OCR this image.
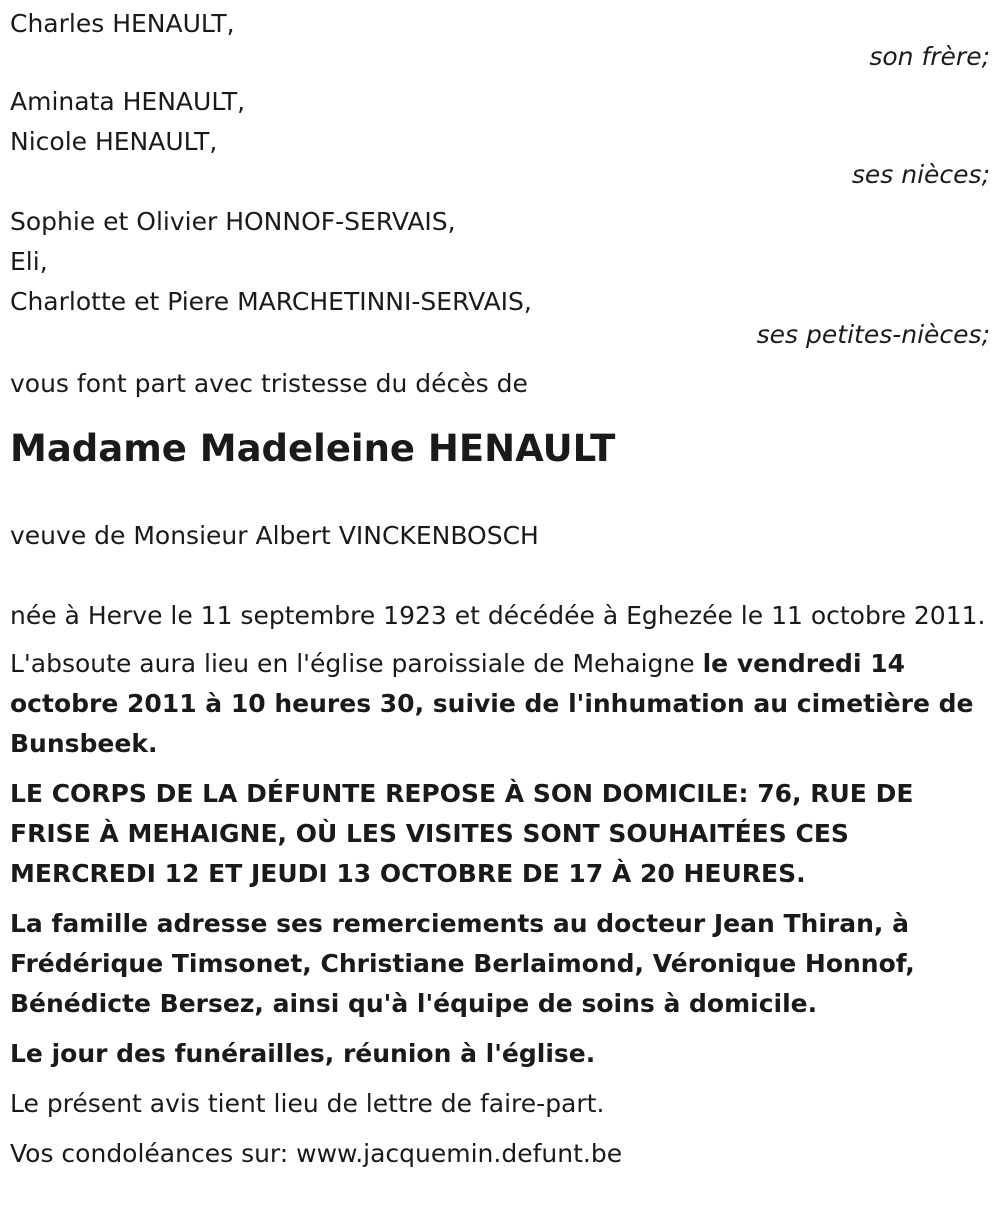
Charles HENAULT,
son frère;
Aminata HENAULT,
Nicole HENAULT,
ses nièces;
Sophie et Olivier HONNOF-SERVAIS,
Eli,
Charlotte et Piere MARCHETINNI-SERVAIS,
ses petites-nièces;
vous font part avec tristesse du décès de
Madame Madeleine HENAULT
veuve de Monsieur Albert VINCKENBOSCH
née à Herve le 11 septembre 1923 et décédée à Eghezée le 11 octobre 2011.
L'absoute aura lieu en l'église paroissiale de Mehaigne le vendredi 14 octobre 2011 à 10 heures 30, suivie de l'inhumation au cimetière de Bunsbeek.
LE CORPS DE LA DÉFUNTE REPOSE À SON DOMICILE: 76, RUE DE FRISE À MEHAIGNE, OÙ LES VISITES SONT SOUHAITÉES CES MERCREDI 12 ET JEUDI 13 OCTOBRE DE 17 À 20 HEURES.
La famille adresse ses remerciements au docteur Jean Thiran, à Frédérique Timsonet, Christiane Berlaimond, Véronique Honnof, Bénédicte Bersez, ainsi qu'à l'équipe de soins à domicile.
Le jour des funérailles, réunion à l'église.
Le présent avis tient lieu de lettre de faire-part.
Vos condoléances sur: www.jacquemin.defunt.be
